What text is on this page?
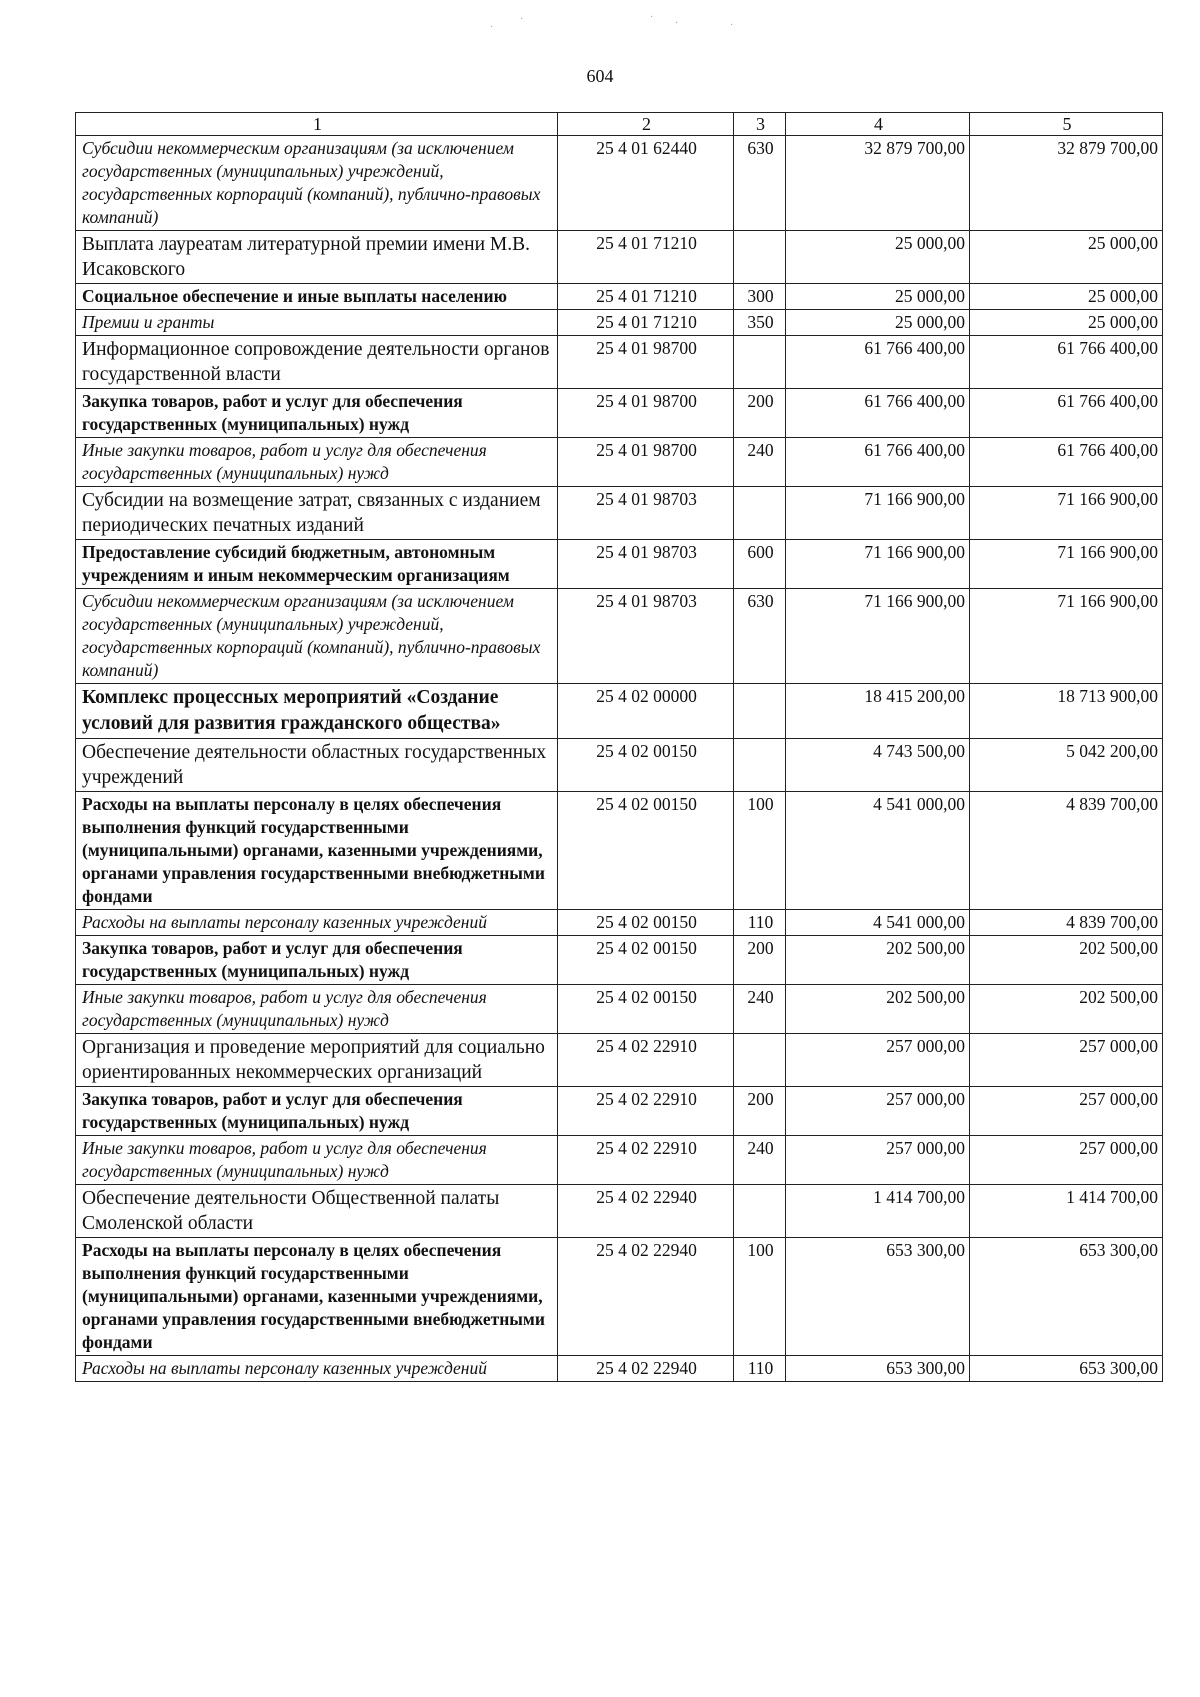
604
·
·	·
·	·
1	2	3	4	5
Субсидии некоммерческим организациям (за исключением государственных (муниципальных) учреждений, государственных корпораций (компаний), публично-правовых компаний)	25 4 01 62440	630	32 879 700,00	32 879 700,00
Выплата лауреатам литературной премии имени М.В. Исаковского	25 4 01 71210		25 000,00	25 000,00
Социальное обеспечение и иные выплаты населению	25 4 01 71210	300	25 000,00	25 000,00
Премии и гранты	25 4 01 71210	350	25 000,00	25 000,00
Информационное сопровождение деятельности органов государственной власти	25 4 01 98700		61 766 400,00	61 766 400,00
Закупка товаров, работ и услуг для обеспечения государственных (муниципальных) нужд	25 4 01 98700	200	61 766 400,00	61 766 400,00
Иные закупки товаров, работ и услуг для обеспечения государственных (муниципальных) нужд	25 4 01 98700	240	61 766 400,00	61 766 400,00
Субсидии на возмещение затрат, связанных с изданием периодических печатных изданий	25 4 01 98703		71 166 900,00	71 166 900,00
Предоставление субсидий бюджетным, автономным учреждениям и иным некоммерческим организациям	25 4 01 98703	600	71 166 900,00	71 166 900,00
Субсидии некоммерческим организациям (за исключением государственных (муниципальных) учреждений, государственных корпораций (компаний), публично-правовых компаний)	25 4 01 98703	630	71 166 900,00	71 166 900,00
Комплекс процессных мероприятий «Создание условий для развития гражданского общества»	25 4 02 00000		18 415 200,00	18 713 900,00
Обеспечение деятельности областных государственных учреждений	25 4 02 00150		4 743 500,00	5 042 200,00
Расходы на выплаты персоналу в целях обеспечения выполнения функций государственными (муниципальными) органами, казенными учреждениями, органами управления государственными внебюджетными фондами	25 4 02 00150	100	4 541 000,00	4 839 700,00
Расходы на выплаты персоналу казенных учреждений	25 4 02 00150	110	4 541 000,00	4 839 700,00
Закупка товаров, работ и услуг для обеспечения государственных (муниципальных) нужд	25 4 02 00150	200	202 500,00	202 500,00
Иные закупки товаров, работ и услуг для обеспечения государственных (муниципальных) нужд	25 4 02 00150	240	202 500,00	202 500,00
Организация и проведение мероприятий для социально ориентированных некоммерческих организаций	25 4 02 22910		257 000,00	257 000,00
Закупка товаров, работ и услуг для обеспечения государственных (муниципальных) нужд	25 4 02 22910	200	257 000,00	257 000,00
Иные закупки товаров, работ и услуг для обеспечения государственных (муниципальных) нужд	25 4 02 22910	240	257 000,00	257 000,00
Обеспечение деятельности Общественной палаты Смоленской области	25 4 02 22940		1 414 700,00	1 414 700,00
Расходы на выплаты персоналу в целях обеспечения выполнения функций государственными (муниципальными) органами, казенными учреждениями, органами управления государственными внебюджетными фондами	25 4 02 22940	100	653 300,00	653 300,00
Расходы на выплаты персоналу казенных учреждений	25 4 02 22940	110	653 300,00	653 300,00
